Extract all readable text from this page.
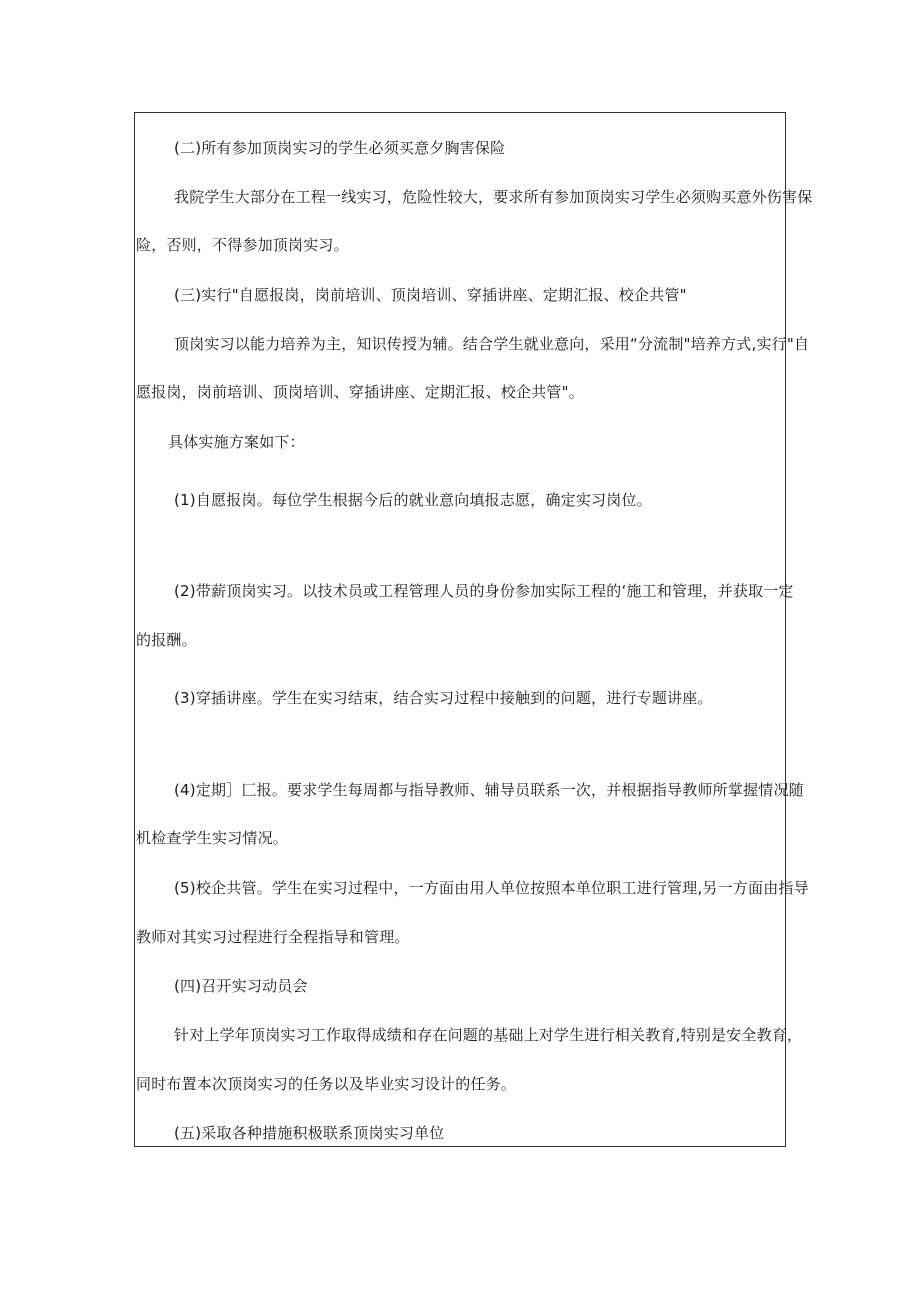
(二)所有参加顶岗实习的学生必须买意夕胸害保险

我院学生大部分在工程一线实习，危险性较大，要求所有参加顶岗实习学生必须购买意外伤害保

险，否则，不得参加顶岗实习。

(三)实行"自愿报岗，岗前培训、顶岗培训、穿插讲座、定期汇报、校企共管"

顶岗实习以能力培养为主，知识传授为辅。结合学生就业意向，采用“分流制"培养方式,实行"自

愿报岗，岗前培训、顶岗培训、穿插讲座、定期汇报、校企共管"。

具体实施方案如下：

(1)自愿报岗。每位学生根据今后的就业意向填报志愿，确定实习岗位。

(2)带薪顶岗实习。以技术员或工程管理人员的身份参加实际工程的‘施工和管理，并获取一定

的报酬。

(3)穿插讲座。学生在实习结束，结合实习过程中接触到的问题，进行专题讲座。

(4)定期］匚报。要求学生每周都与指导教师、辅导员联系一次，并根据指导教师所掌握情况随

机检查学生实习情况。

(5)校企共管。学生在实习过程中，一方面由用人单位按照本单位职工进行管理,另一方面由指导

教师对其实习过程进行全程指导和管理。

(四)召开实习动员会

针对上学年顶岗实习工作取得成绩和存在问题的基础上对学生进行相关教育,特别是安全教育，

同时布置本次顶岗实习的任务以及毕业实习设计的任务。

(五)采取各种措施积极联系顶岗实习单位
